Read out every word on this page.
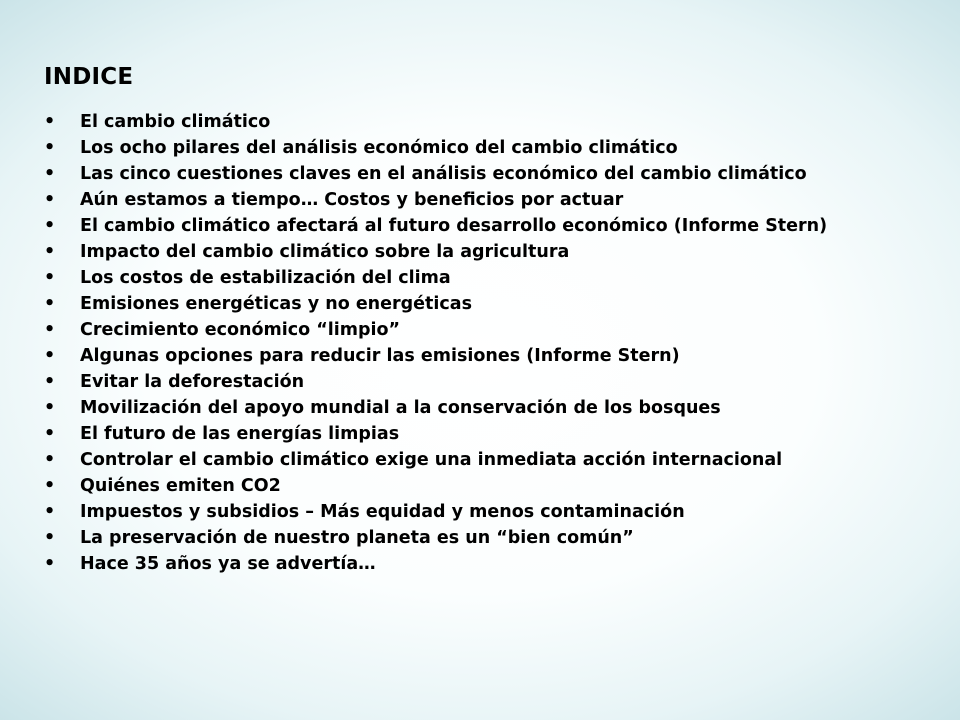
INDICE
• El cambio climático
• Los ocho pilares del análisis económico del cambio climático
• Las cinco cuestiones claves en el análisis económico del cambio climático
• Aún estamos a tiempo… Costos y beneficios por actuar
• El cambio climático afectará al futuro desarrollo económico (Informe Stern)
• Impacto del cambio climático sobre la agricultura
• Los costos de estabilización del clima
• Emisiones energéticas y no energéticas
• Crecimiento económico “limpio”
• Algunas opciones para reducir las emisiones (Informe Stern)
• Evitar la deforestación
• Movilización del apoyo mundial a la conservación de los bosques
• El futuro de las energías limpias
• Controlar el cambio climático exige una inmediata acción internacional
• Quiénes emiten CO2
• Impuestos y subsidios – Más equidad y menos contaminación
• La preservación de nuestro planeta es un “bien común”
• Hace 35 años ya se advertía…
